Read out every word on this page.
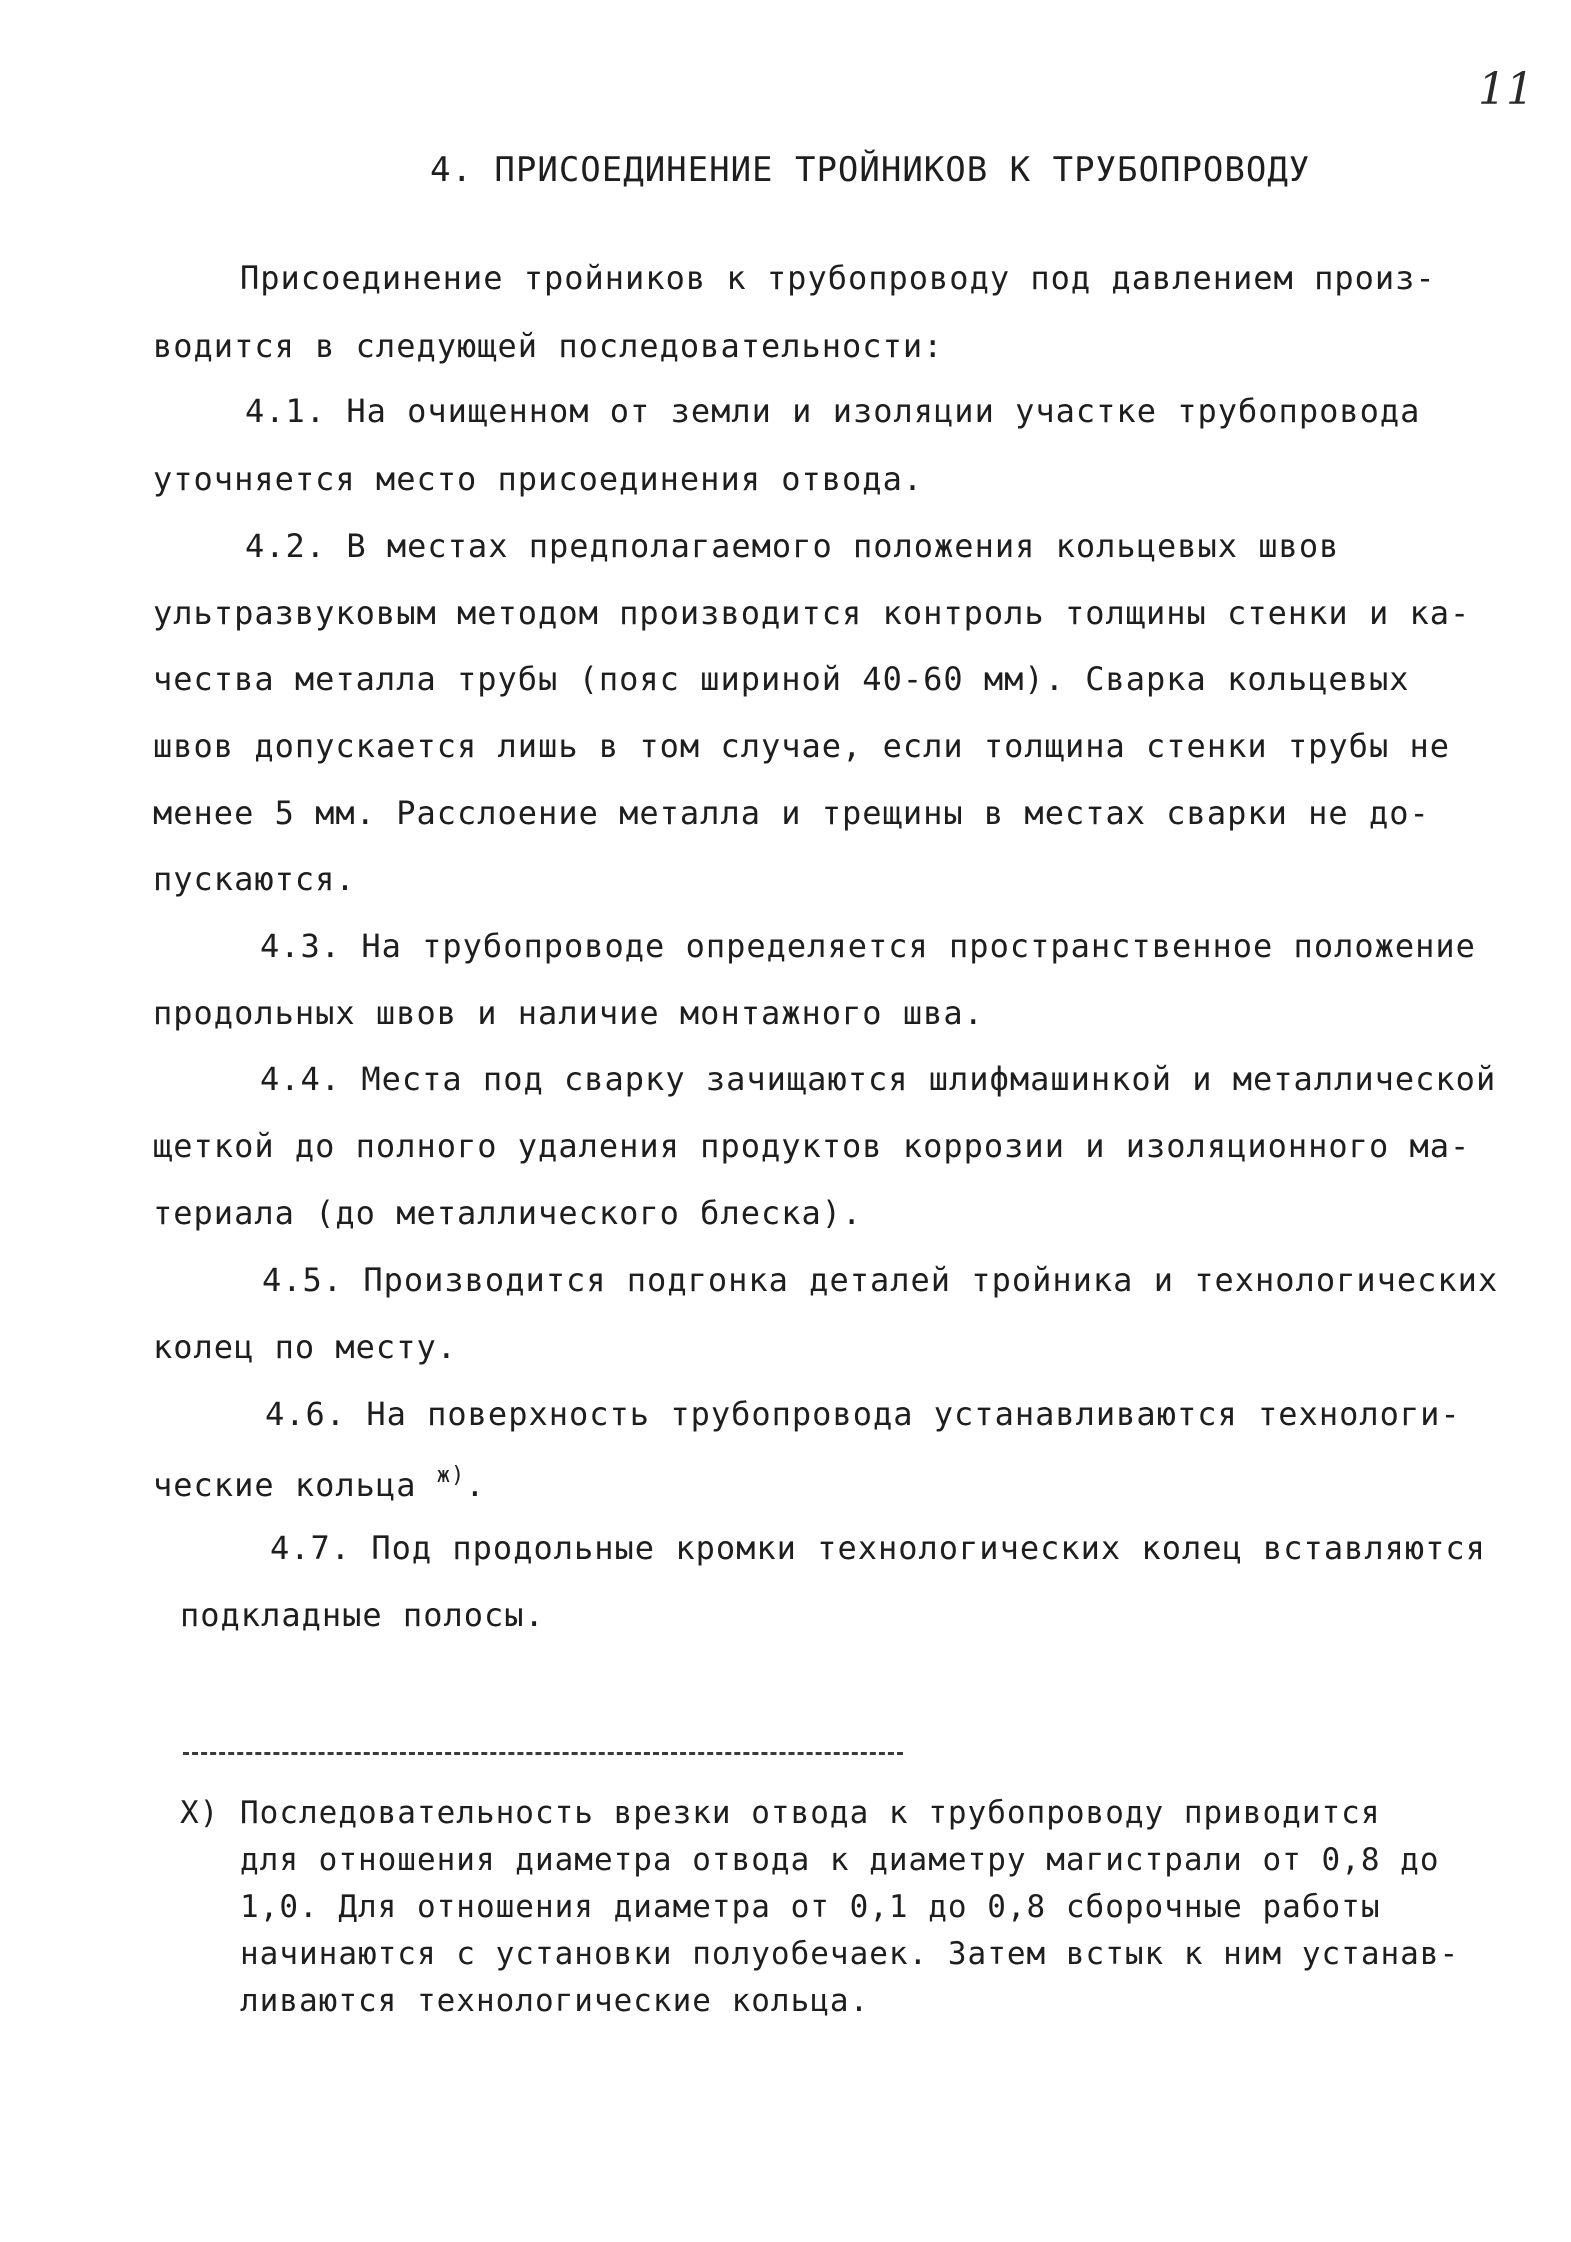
11
4. ПРИСОЕДИНЕНИЕ ТРОЙНИКОВ К ТРУБОПРОВОДУ
Присоединение тройников к трубопроводу под давлением произ-
водится в следующей последовательности:
4.1. На очищенном от земли и изоляции участке трубопровода
уточняется место присоединения отвода.
4.2. В местах предполагаемого положения кольцевых швов
ультразвуковым методом производится контроль толщины стенки и ка-
чества металла трубы (пояс шириной 40-60 мм). Сварка кольцевых
швов допускается лишь в том случае, если толщина стенки трубы не
менее 5 мм. Расслоение металла и трещины в местах сварки не до-
пускаются.
4.3. На трубопроводе определяется пространственное положение
продольных швов и наличие монтажного шва.
4.4. Места под сварку зачищаются шлифмашинкой и металлической
щеткой до полного удаления продуктов коррозии и изоляционного ма-
териала (до металлического блеска).
4.5. Производится подгонка деталей тройника и технологических
колец по месту.
4.6. На поверхность трубопровода устанавливаются технологи-
ческие кольца $^{ж)}$.
4.7. Под продольные кромки технологических колец вставляются
подкладные полосы.
Х) Последовательность врезки отвода к трубопроводу приводится
для отношения диаметра отвода к диаметру магистрали от 0,8 до
1,0. Для отношения диаметра от 0,1 до 0,8 сборочные работы
начинаются с установки полуобечаек. Затем встык к ним устанав-
ливаются технологические кольца.
